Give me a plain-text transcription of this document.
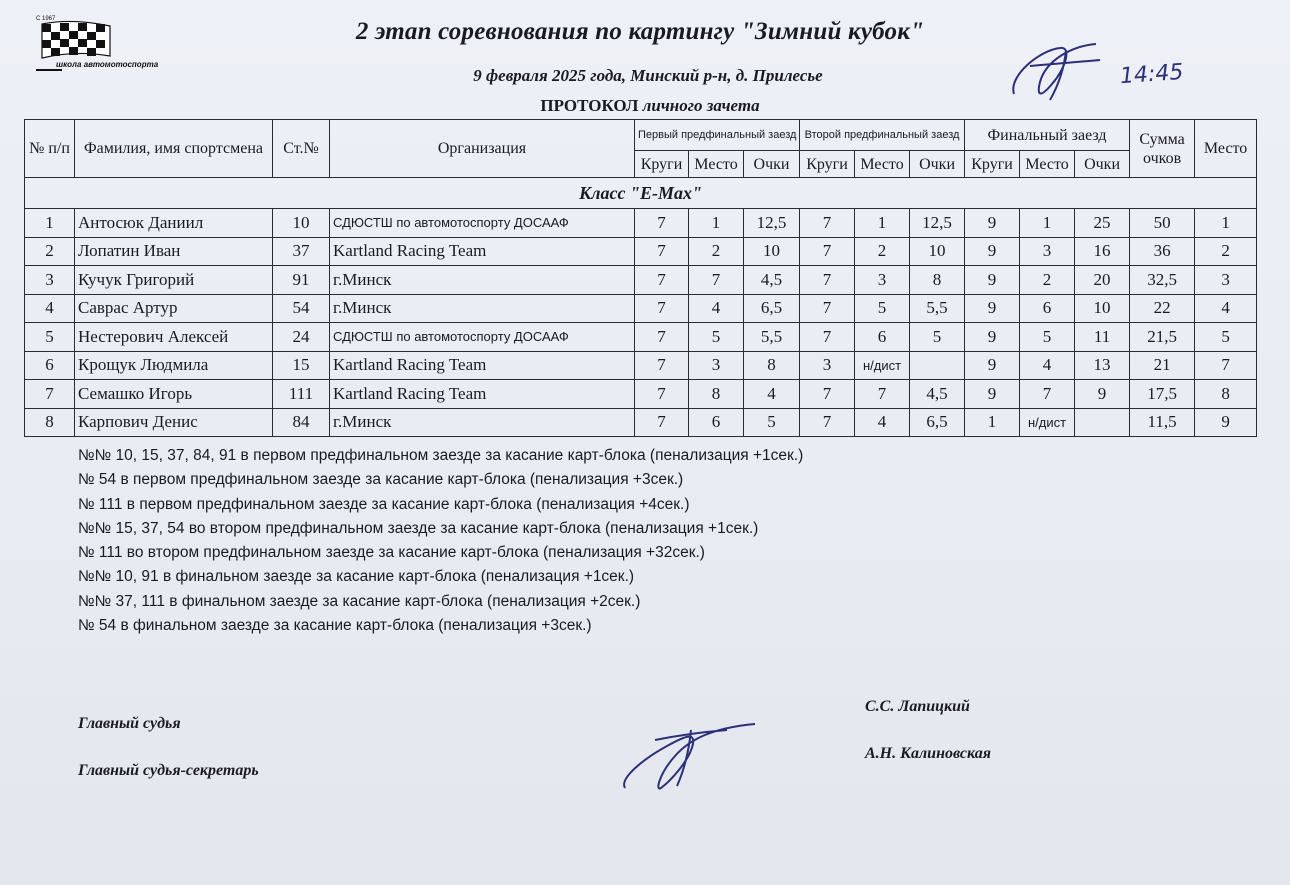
С 1967
школа автомотоспорта
2 этап соревнования по картингу "Зимний кубок"
9 февраля 2025 года, Минский р-н, д. Прилесье
ПРОТОКОЛ личного зачета
14:45
№ п/п	Фамилия, имя спортсмена	Ст.№	Организация	Первый предфинальный заезд			Второй предфинальный заезд			Финальный заезд			Сумма очков	Место
				Круги	Место	Очки	Круги	Место	Очки	Круги	Место	Очки		
Класс "E-Max"														
1	Антосюк Даниил	10	СДЮСТШ по автомотоспорту ДОСААФ	7	1	12,5	7	1	12,5	9	1	25	50	1
2	Лопатин Иван	37	Kartland Racing Team	7	2	10	7	2	10	9	3	16	36	2
3	Кучук Григорий	91	г.Минск	7	7	4,5	7	3	8	9	2	20	32,5	3
4	Саврас Артур	54	г.Минск	7	4	6,5	7	5	5,5	9	6	10	22	4
5	Нестерович Алексей	24	СДЮСТШ по автомотоспорту ДОСААФ	7	5	5,5	7	6	5	9	5	11	21,5	5
6	Крощук Людмила	15	Kartland Racing Team	7	3	8	3	н/дист		9	4	13	21	7
7	Семашко Игорь	111	Kartland Racing Team	7	8	4	7	7	4,5	9	7	9	17,5	8
8	Карпович Денис	84	г.Минск	7	6	5	7	4	6,5	1	н/дист		11,5	9
№№ 10, 15, 37, 84, 91 в первом предфинальном заезде за касание карт-блока (пенализация +1сек.)
№ 54 в первом предфинальном заезде за касание карт-блока (пенализация +3сек.)
№ 111 в первом предфинальном заезде за касание карт-блока (пенализация +4сек.)
№№ 15, 37, 54 во втором предфинальном заезде за касание карт-блока (пенализация +1сек.)
№ 111 во втором предфинальном заезде за касание карт-блока (пенализация +32сек.)
№№ 10, 91 в финальном заезде за касание карт-блока (пенализация +1сек.)
№№ 37, 111 в финальном заезде за касание карт-блока (пенализация +2сек.)
№ 54 в финальном заезде за касание карт-блока (пенализация +3сек.)
Главный судья
Главный судья-секретарь
С.С. Лапицкий
А.Н. Калиновская
